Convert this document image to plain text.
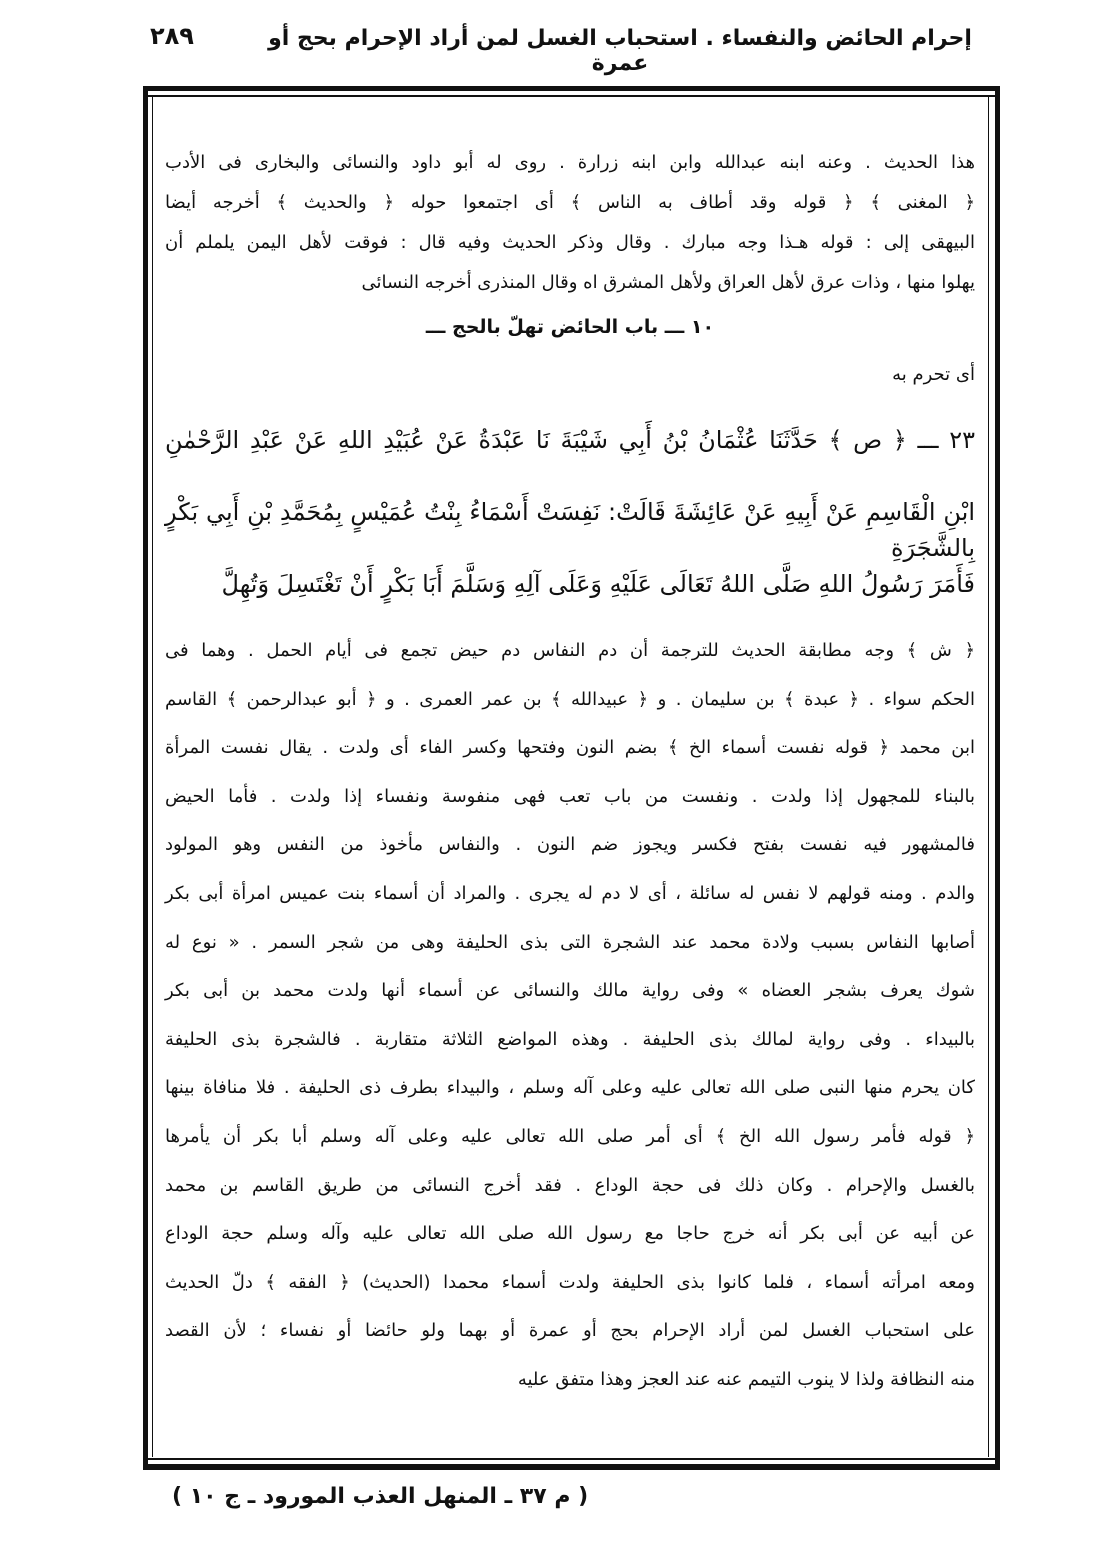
إحرام الحائض والنفساء . استحباب الغسل لمن أراد الإحرام بحج أو عمرة
٢٨٩
هذا الحديث . وعنه ابنه عبدالله وابن ابنه زرارة . روى له أبو داود والنسائى والبخارى فى الأدب
﴿ المغنى ﴾ ﴿ قوله وقد أطاف به الناس ﴾ أى اجتمعوا حوله ﴿ والحديث ﴾ أخرجه أيضا
البيهقى إلى : قوله هـذا وجه مبارك . وقال وذكر الحديث وفيه قال : فوقت لأهل اليمن يلملم أن
يهلوا منها ، وذات عرق لأهل العراق ولأهل المشرق اه وقال المنذرى أخرجه النسائى
١٠ ـــ باب الحائض تهلّ بالحج ـــ
أى تحرم به
٢٣ ـــ ﴿ ص ﴾ حَدَّثَنَا عُثْمَانُ بْنُ أَبِي شَيْبَةَ نَا عَبْدَةُ عَنْ عُبَيْدِ اللهِ عَنْ عَبْدِ الرَّحْمٰنِ
ابْنِ الْقَاسِمِ عَنْ أَبِيهِ عَنْ عَائِشَةَ قَالَتْ: نَفِسَتْ أَسْمَاءُ بِنْتُ عُمَيْسٍ بِمُحَمَّدِ بْنِ أَبِي بَكْرٍ بِالشَّجَرَةِ
فَأَمَرَ رَسُولُ اللهِ صَلَّى اللهُ تَعَالَى عَلَيْهِ وَعَلَى آلِهِ وَسَلَّمَ أَبَا بَكْرٍ أَنْ تَغْتَسِلَ وَتُهِلَّ
﴿ ش ﴾ وجه مطابقة الحديث للترجمة أن دم النفاس دم حيض تجمع فى أيام الحمل . وهما فى
الحكم سواء . ﴿ عبدة ﴾ بن سليمان . و ﴿ عبيدالله ﴾ بن عمر العمرى . و ﴿ أبو عبدالرحمن ﴾ القاسم
ابن محمد ﴿ قوله نفست أسماء الخ ﴾ بضم النون وفتحها وكسر الفاء أى ولدت . يقال نفست المرأة
بالبناء للمجهول إذا ولدت . ونفست من باب تعب فهى منفوسة ونفساء إذا ولدت . فأما الحيض
فالمشهور فيه نفست بفتح فكسر ويجوز ضم النون . والنفاس مأخوذ من النفس وهو المولود
والدم . ومنه قولهم لا نفس له سائلة ، أى لا دم له يجرى . والمراد أن أسماء بنت عميس امرأة أبى بكر
أصابها النفاس بسبب ولادة محمد عند الشجرة التى بذى الحليفة وهى من شجر السمر . « نوع له
شوك يعرف بشجر العضاه » وفى رواية مالك والنسائى عن أسماء أنها ولدت محمد بن أبى بكر
بالبيداء . وفى رواية لمالك بذى الحليفة . وهذه المواضع الثلاثة متقاربة . فالشجرة بذى الحليفة
كان يحرم منها النبى صلى الله تعالى عليه وعلى آله وسلم ، والبيداء بطرف ذى الحليفة . فلا منافاة بينها
﴿ قوله فأمر رسول الله الخ ﴾ أى أمر صلى الله تعالى عليه وعلى آله وسلم أبا بكر أن يأمرها
بالغسل والإحرام . وكان ذلك فى حجة الوداع . فقد أخرج النسائى من طريق القاسم بن محمد
عن أبيه عن أبى بكر أنه خرج حاجا مع رسول الله صلى الله تعالى عليه وآله وسلم حجة الوداع
ومعه امرأته أسماء ، فلما كانوا بذى الحليفة ولدت أسماء محمدا (الحديث) ﴿ الفقه ﴾ دلّ الحديث
على استحباب الغسل لمن أراد الإحرام بحج أو عمرة أو بهما ولو حائضا أو نفساء ؛ لأن القصد
منه النظافة ولذا لا ينوب التيمم عنه عند العجز وهذا متفق عليه
( م ٣٧ ـ المنهل العذب المورود ـ ج ١٠ )
